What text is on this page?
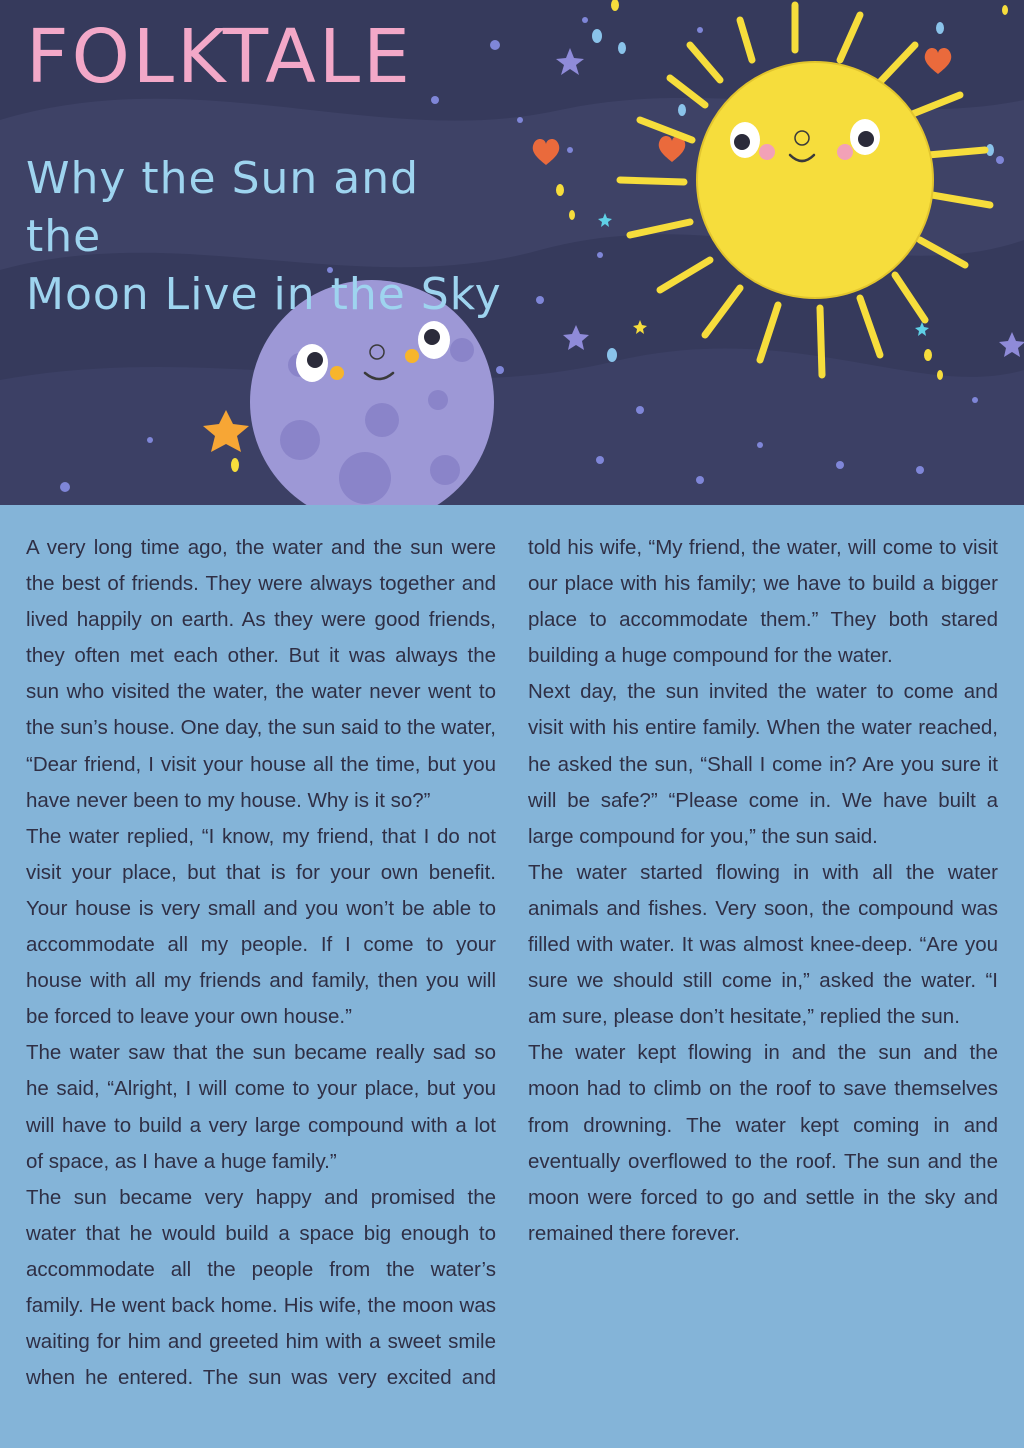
FOLKTALE
Why the Sun and the
Moon Live in the Sky

A very long time ago, the water and the sun were the best of friends. They were always together and lived happily on earth. As they were good friends, they often met each other. But it was always the sun who visited the water, the water never went to the sun’s house. One day, the sun said to the water, “Dear friend, I visit your house all the time, but you have never been to my house. Why is it so?”

The water replied, “I know, my friend, that I do not visit your place, but that is for your own benefit. Your house is very small and you won’t be able to accommodate all my people. If I come to your house with all my friends and family, then you will be forced to leave your own house.”

The water saw that the sun became really sad so he said, “Alright, I will come to your place, but you will have to build a very large compound with a lot of space, as I have a huge family.”

The sun became very happy and promised the water that he would build a space big enough to accommodate all the people from the water’s family. He went back home. His wife, the moon was waiting for him and greeted him with a sweet smile when he entered. The sun was very excited and told his wife, “My friend, the water, will come to visit our place with his family; we have to build a bigger place to accommodate them.” They both stared building a huge compound for the water.

Next day, the sun invited the water to come and visit with his entire family. When the water reached, he asked the sun, “Shall I come in? Are you sure it will be safe?” “Please come in. We have built a large compound for you,” the sun said.

The water started flowing in with all the water animals and fishes. Very soon, the compound was filled with water. It was almost knee-deep. “Are you sure we should still come in,” asked the water. “I am sure, please don’t hesitate,” replied the sun.

The water kept flowing in and the sun and the moon had to climb on the roof to save themselves from drowning. The water kept coming in and eventually overflowed to the roof. The sun and the moon were forced to go and settle in the sky and remained there forever.
